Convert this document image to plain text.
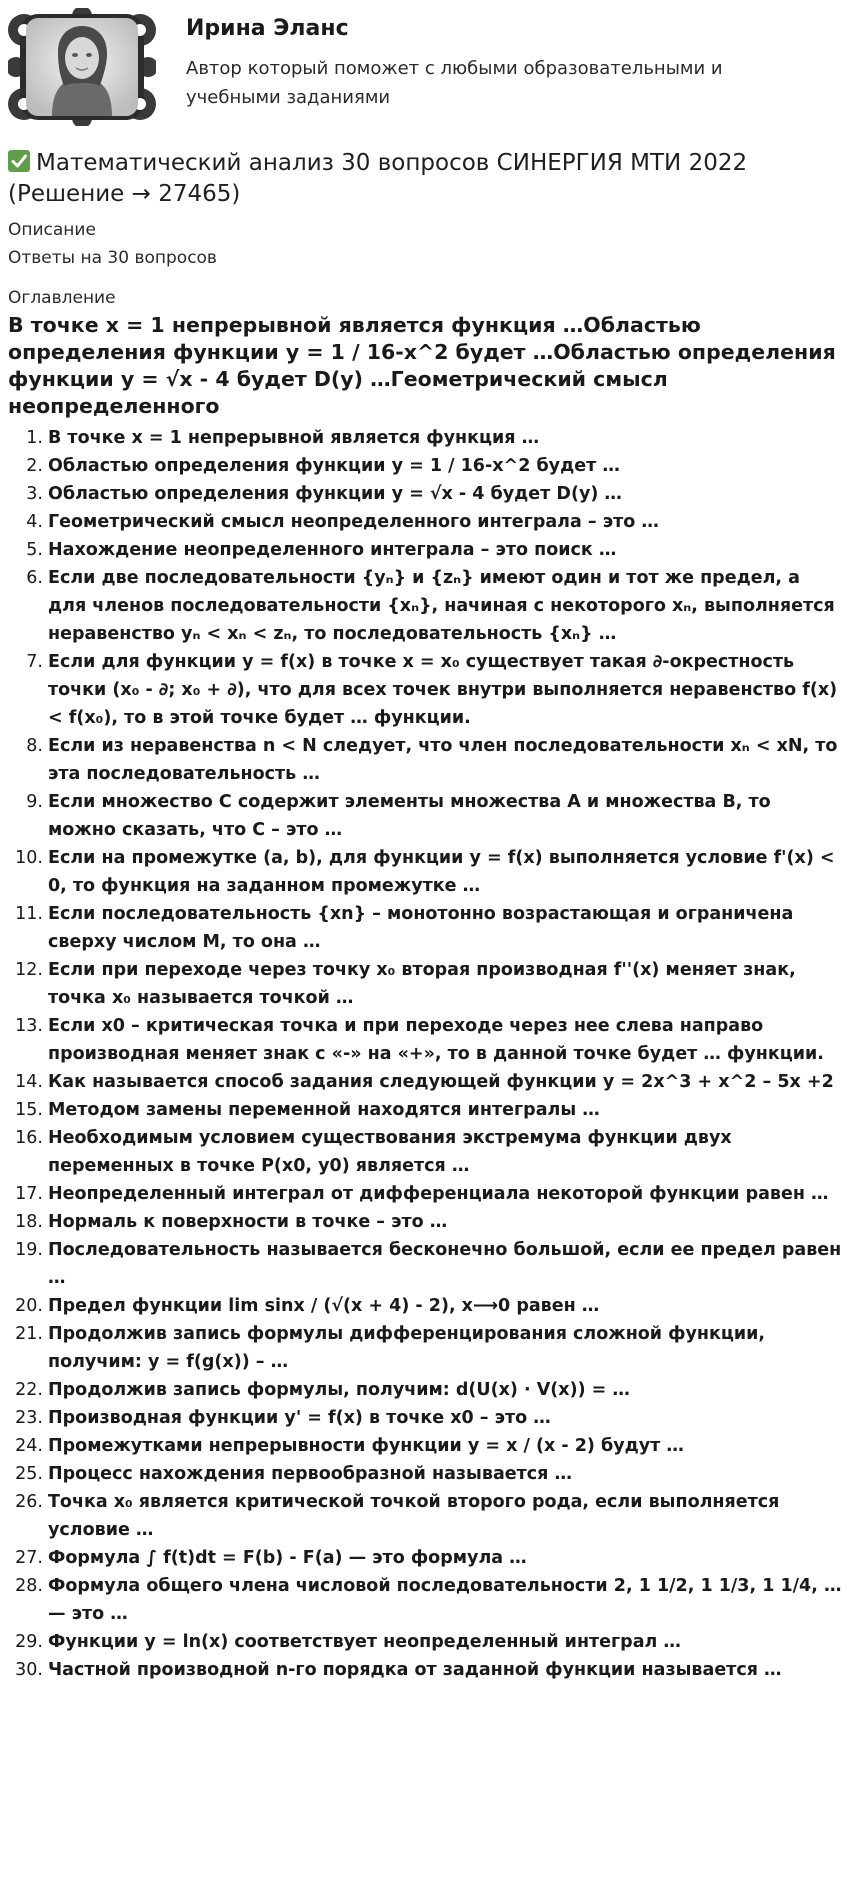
Ирина Эланс
Автор который поможет с любыми образовательными и учебными заданиями
Математический анализ 30 вопросов СИНЕРГИЯ МТИ 2022 (Решение → 27465)
Описание
Ответы на 30 вопросов
Оглавление
В точке x = 1 непрерывной является функция …Областью определения функции y = 1 / 16-x^2 будет …Областью определения функции y = √x - 4 будет D(y) …Геометрический смысл неопределенного
1. В точке x = 1 непрерывной является функция …
2. Областью определения функции y = 1 / 16-x^2 будет …
3. Областью определения функции y = √x - 4 будет D(y) …
4. Геометрический смысл неопределенного интеграла – это …
5. Нахождение неопределенного интеграла – это поиск …
6. Если две последовательности {yₙ} и {zₙ} имеют один и тот же предел, а для членов последовательности {xₙ}, начиная с некоторого xₙ, выполняется неравенство yₙ < xₙ < zₙ, то последовательность {xₙ} …
7. Если для функции y = f(x) в точке x = x₀ существует такая ∂-окрестность точки (x₀ - ∂; x₀ + ∂), что для всех точек внутри выполняется неравенство f(x) < f(x₀), то в этой точке будет … функции.
8. Если из неравенства n < N следует, что член последовательности xₙ < xN, то эта последовательность …
9. Если множество C содержит элементы множества A и множества B, то можно сказать, что C – это …
10. Если на промежутке (a, b), для функции y = f(x) выполняется условие f'(x) < 0, то функция на заданном промежутке …
11. Если последовательность {xn} – монотонно возрастающая и ограничена сверху числом M, то она …
12. Если при переходе через точку x₀ вторая производная f''(x) меняет знак, точка x₀ называется точкой …
13. Если x0 – критическая точка и при переходе через нее слева направо производная меняет знак с «-» на «+», то в данной точке будет … функции.
14. Как называется способ задания следующей функции y = 2x^3 + x^2 – 5x +2
15. Методом замены переменной находятся интегралы …
16. Необходимым условием существования экстремума функции двух переменных в точке P(x0, y0) является …
17. Неопределенный интеграл от дифференциала некоторой функции равен …
18. Нормаль к поверхности в точке – это …
19. Последовательность называется бесконечно большой, если ее предел равен …
20. Предел функции lim sinx / (√(x + 4) - 2), x⟶0 равен …
21. Продолжив запись формулы дифференцирования сложной функции, получим: y = f(g(x)) – …
22. Продолжив запись формулы, получим: d(U(x) · V(x)) = …
23. Производная функции y' = f(x) в точке x0 – это …
24. Промежутками непрерывности функции y = x / (x - 2) будут …
25. Процесс нахождения первообразной называется …
26. Точка x₀ является критической точкой второго рода, если выполняется условие …
27. Формула ∫ f(t)dt = F(b) - F(a) — это формула …
28. Формула общего члена числовой последовательности 2, 1 1/2, 1 1/3, 1 1/4, … — это …
29. Функции y = ln(x) соответствует неопределенный интеграл …
30. Частной производной n-го порядка от заданной функции называется …
